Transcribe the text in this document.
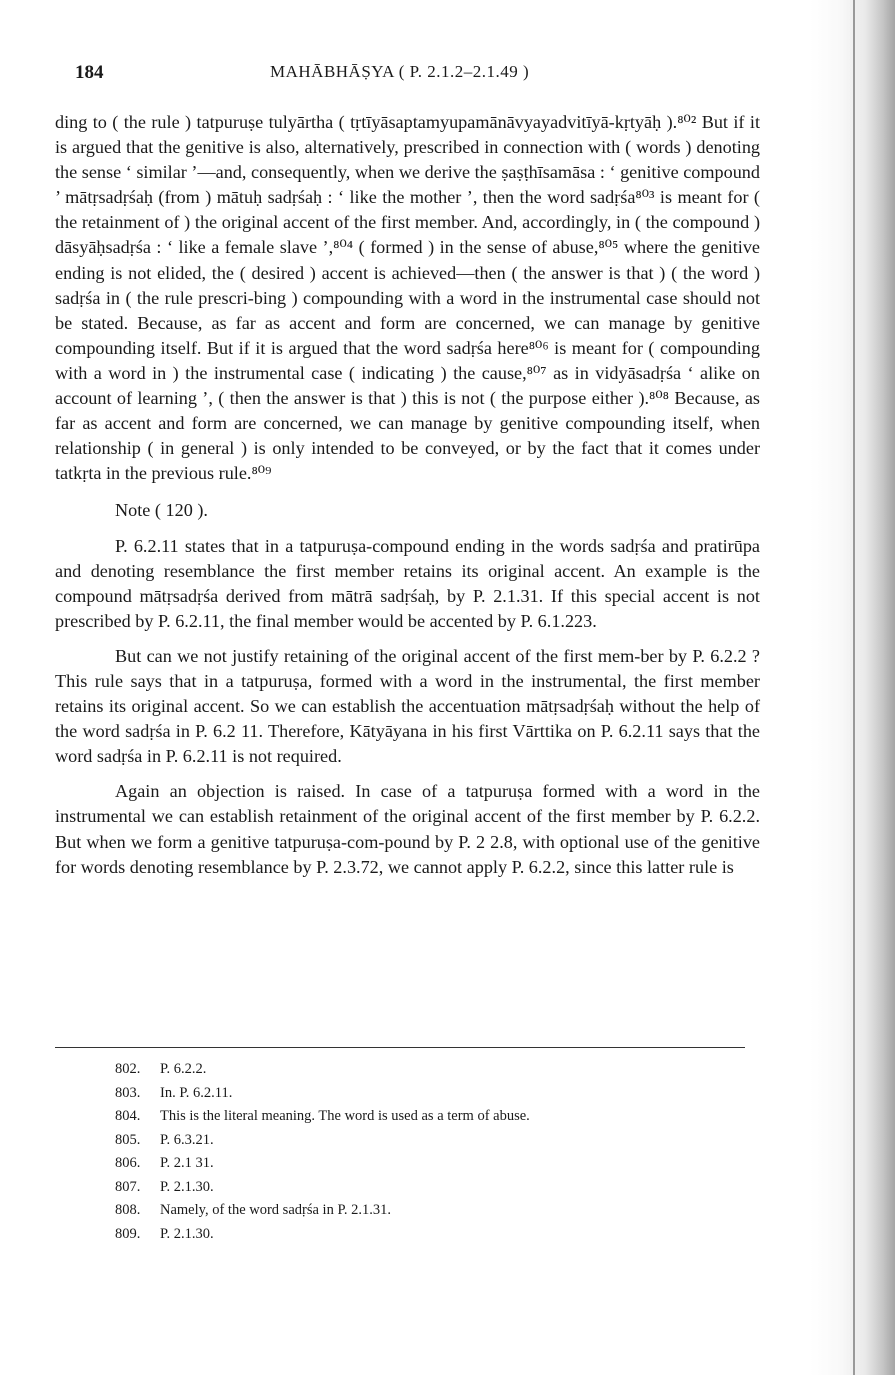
184	MAHĀBHĀṢYA ( P. 2.1.2–2.1.49 )

ding to ( the rule ) tatpuruṣe tulyārtha ( tṛtīyāsaptamyupamānāvyayadvitīyā-kṛtyāḥ ).⁸⁰² But if it is argued that the genitive is also, alternatively, prescribed in connection with ( words ) denoting the sense ‘ similar ’—and, consequently, when we derive the ṣaṣṭhīsamāsa : ‘ genitive compound ’ mātṛsadṛśaḥ (from ) mātuḥ sadṛśaḥ : ‘ like the mother ’, then the word sadṛśa⁸⁰³ is meant for ( the retainment of ) the original accent of the first member. And, accordingly, in ( the compound ) dāsyāḥsadṛśa : ‘ like a female slave ’,⁸⁰⁴ ( formed ) in the sense of abuse,⁸⁰⁵ where the genitive ending is not elided, the ( desired ) accent is achieved—then ( the answer is that ) ( the word ) sadṛśa in ( the rule prescri-bing ) compounding with a word in the instrumental case should not be stated. Because, as far as accent and form are concerned, we can manage by genitive compounding itself. But if it is argued that the word sadṛśa here⁸⁰⁶ is meant for ( compounding with a word in ) the instrumental case ( indicating ) the cause,⁸⁰⁷ as in vidyāsadṛśa ‘ alike on account of learning ’, ( then the answer is that ) this is not ( the purpose either ).⁸⁰⁸ Because, as far as accent and form are concerned, we can manage by genitive compounding itself, when relationship ( in general ) is only intended to be conveyed, or by the fact that it comes under tatkṛta in the previous rule.⁸⁰⁹

Note ( 120 ).

P. 6.2.11 states that in a tatpuruṣa-compound ending in the words sadṛśa and pratirūpa and denoting resemblance the first member retains its original accent. An example is the compound mātṛsadṛśa derived from mātrā sadṛśaḥ, by P. 2.1.31. If this special accent is not prescribed by P. 6.2.11, the final member would be accented by P. 6.1.223.

But can we not justify retaining of the original accent of the first mem-ber by P. 6.2.2 ? This rule says that in a tatpuruṣa, formed with a word in the instrumental, the first member retains its original accent. So we can establish the accentuation mātṛsadṛśaḥ without the help of the word sadṛśa in P. 6.2 11. Therefore, Kātyāyana in his first Vārttika on P. 6.2.11 says that the word sadṛśa in P. 6.2.11 is not required.

Again an objection is raised. In case of a tatpuruṣa formed with a word in the instrumental we can establish retainment of the original accent of the first member by P. 6.2.2. But when we form a genitive tatpuruṣa-com-pound by P. 2 2.8, with optional use of the genitive for words denoting resemblance by P. 2.3.72, we cannot apply P. 6.2.2, since this latter rule is

802.	P. 6.2.2.
803.	In. P. 6.2.11.
804.	This is the literal meaning. The word is used as a term of abuse.
805.	P. 6.3.21.
806.	P. 2.1 31.
807.	P. 2.1.30.
808.	Namely, of the word sadṛśa in P. 2.1.31.
809.	P. 2.1.30.
